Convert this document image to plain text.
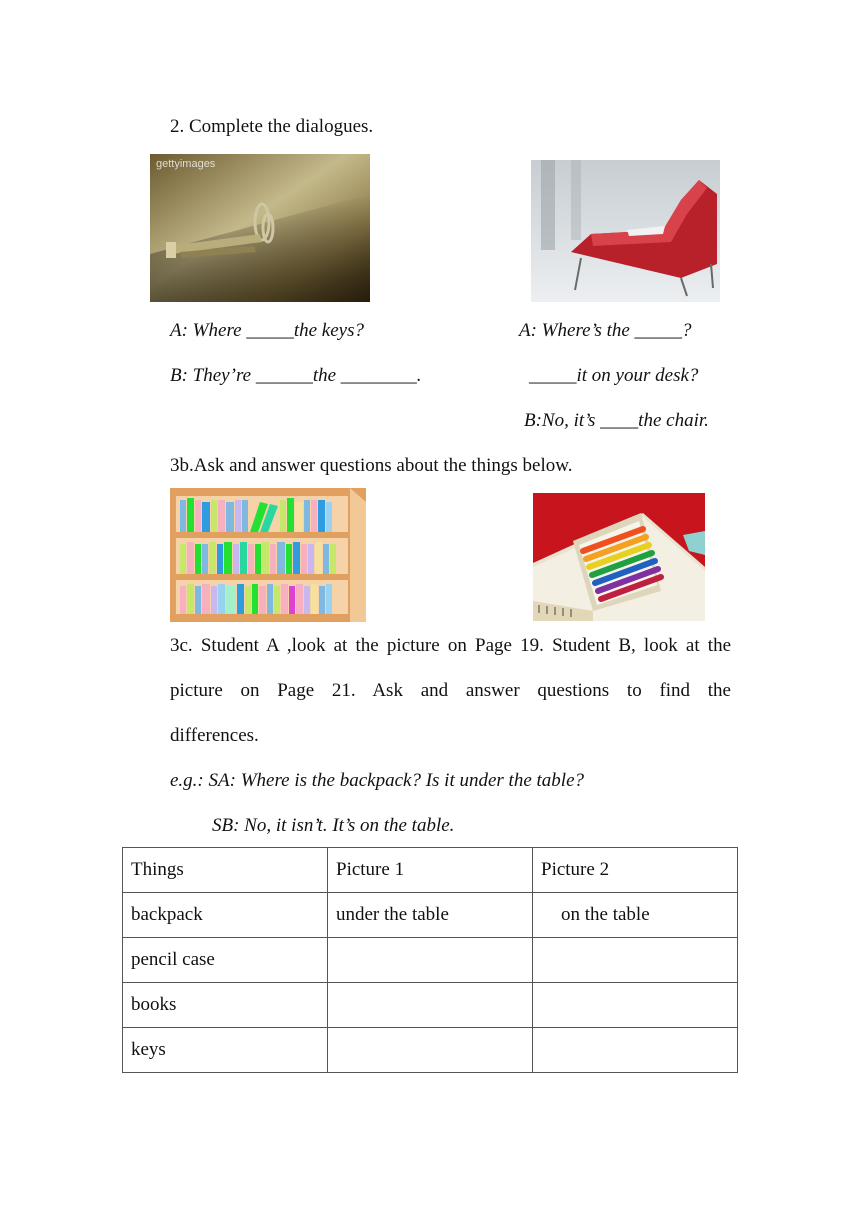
2. Complete the dialogues.
gettyimages
A: Where _____the keys?
B: They’re ______the ________.
A: Where’s the _____?
_____it on your desk?
B:No, it’s ____the chair.
3b.Ask and answer questions about the things below.
3c. Student A ,look at the picture on Page 19. Student B, look at the
picture on Page 21. Ask and answer questions to find the
differences.
e.g.: SA: Where is the backpack? Is it under the table?
SB: No, it isn’t. It’s on the table.
Things	Picture 1	Picture 2
backpack	under the table	on the table
pencil case		
books		
keys		
